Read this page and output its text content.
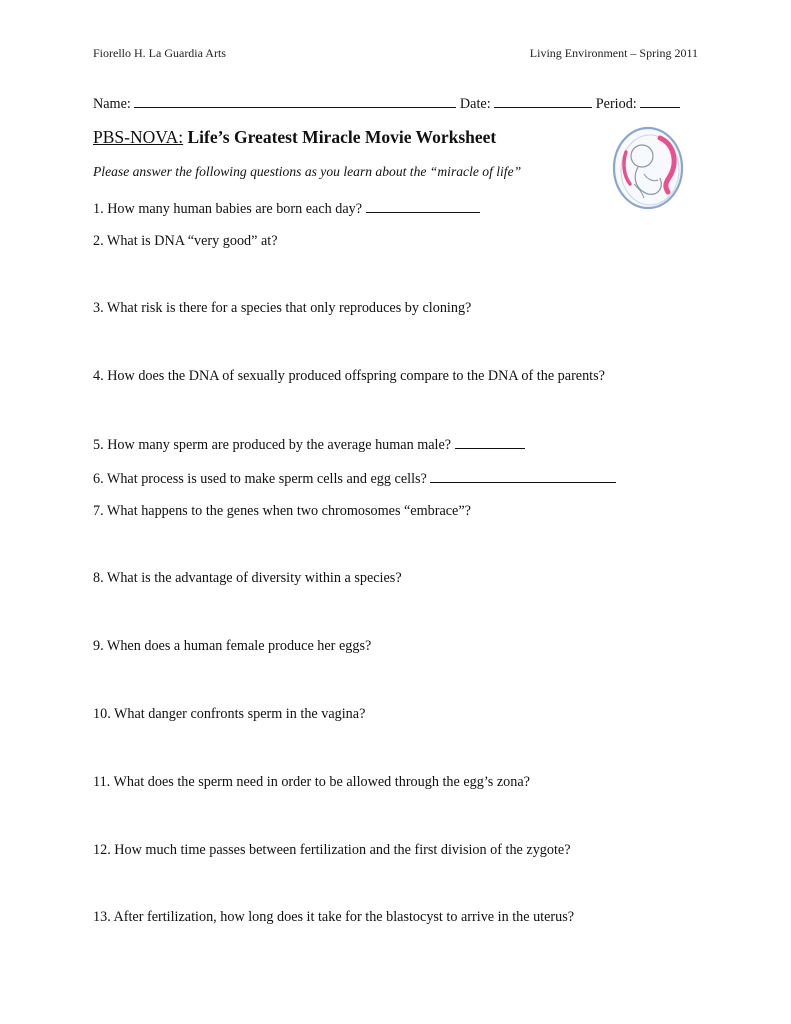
Fiorello H. La Guardia Arts	Living Environment – Spring 2011
Name:	Date:	Period:
PBS-NOVA: Life’s Greatest Miracle Movie Worksheet
Please answer the following questions as you learn about the “miracle of life”
1. How many human babies are born each day?
2. What is DNA “very good” at?
3. What risk is there for a species that only reproduces by cloning?
4. How does the DNA of sexually produced offspring compare to the DNA of the parents?
5. How many sperm are produced by the average human male?
6. What process is used to make sperm cells and egg cells?
7. What happens to the genes when two chromosomes “embrace”?
8. What is the advantage of diversity within a species?
9. When does a human female produce her eggs?
10. What danger confronts sperm in the vagina?
11. What does the sperm need in order to be allowed through the egg’s zona?
12. How much time passes between fertilization and the first division of the zygote?
13. After fertilization, how long does it take for the blastocyst to arrive in the uterus?
